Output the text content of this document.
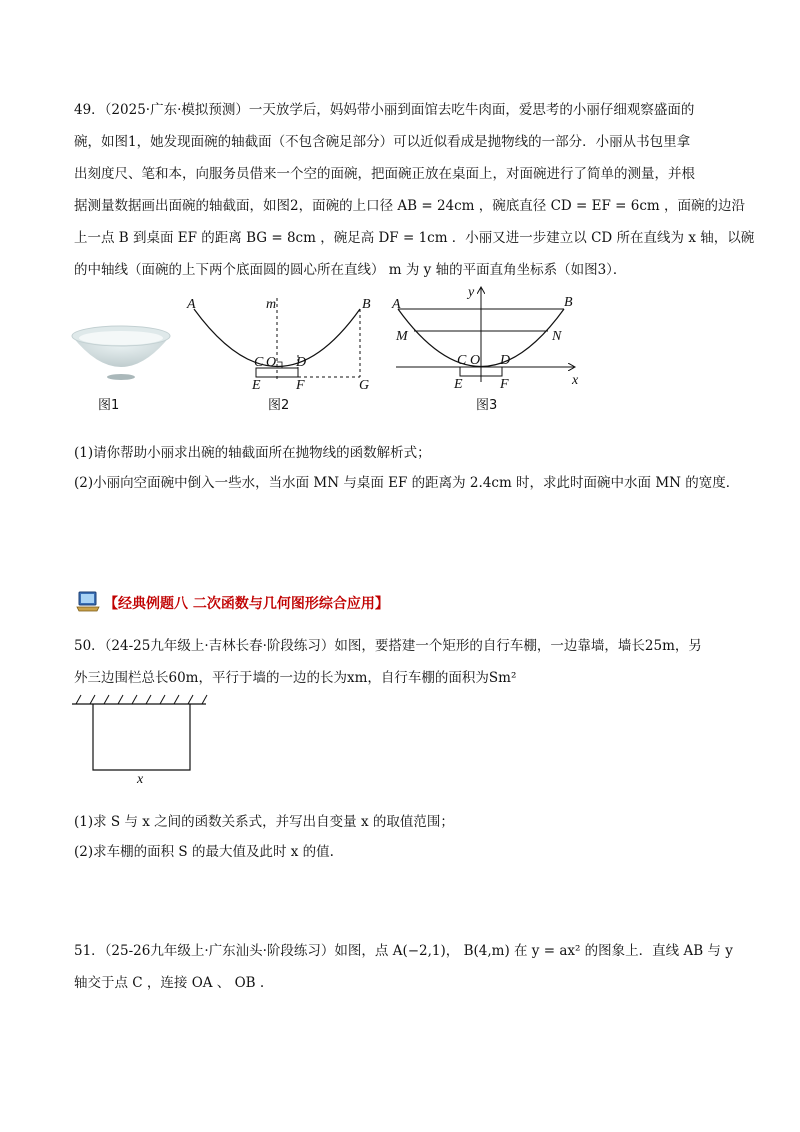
49．（2025·广东·模拟预测）一天放学后，妈妈带小丽到面馆去吃牛肉面，爱思考的小丽仔细观察盛面的
碗，如图1，她发现面碗的轴截面（不包含碗足部分）可以近似看成是抛物线的一部分．小丽从书包里拿
出刻度尺、笔和本，向服务员借来一个空的面碗，把面碗正放在桌面上，对面碗进行了简单的测量，并根
据测量数据画出面碗的轴截面，如图2，面碗的上口径 AB = 24cm ，碗底直径 CD = EF = 6cm ，面碗的边沿
上一点 B 到桌面 EF 的距离 BG = 8cm ，碗足高 DF = 1cm ．小丽又进一步建立以 CD 所在直线为 x 轴，以碗
的中轴线（面碗的上下两个底面圆的圆心所在直线） m 为 y 轴的平面直角坐标系（如图3）．
图1
A	B
m
C O D
E	F	G
图2
y
A	B
M	N
C O D
E	F	x
图3
(1)请你帮助小丽求出碗的轴截面所在抛物线的函数解析式；
(2)小丽向空面碗中倒入一些水，当水面 MN 与桌面 EF 的距离为 2.4cm 时，求此时面碗中水面 MN 的宽度．
【经典例题八 二次函数与几何图形综合应用】
50．（24-25九年级上·吉林长春·阶段练习）如图，要搭建一个矩形的自行车棚，一边靠墙，墙长25m，另
外三边围栏总长60m，平行于墙的一边的长为xm，自行车棚的面积为Sm²
x
(1)求 S 与 x 之间的函数关系式，并写出自变量 x 的取值范围；
(2)求车棚的面积 S 的最大值及此时 x 的值.
51．（25-26九年级上·广东汕头·阶段练习）如图，点 A(−2,1)， B(4,m) 在 y = ax² 的图象上．直线 AB 与 y
轴交于点 C ，连接 OA 、 OB .
